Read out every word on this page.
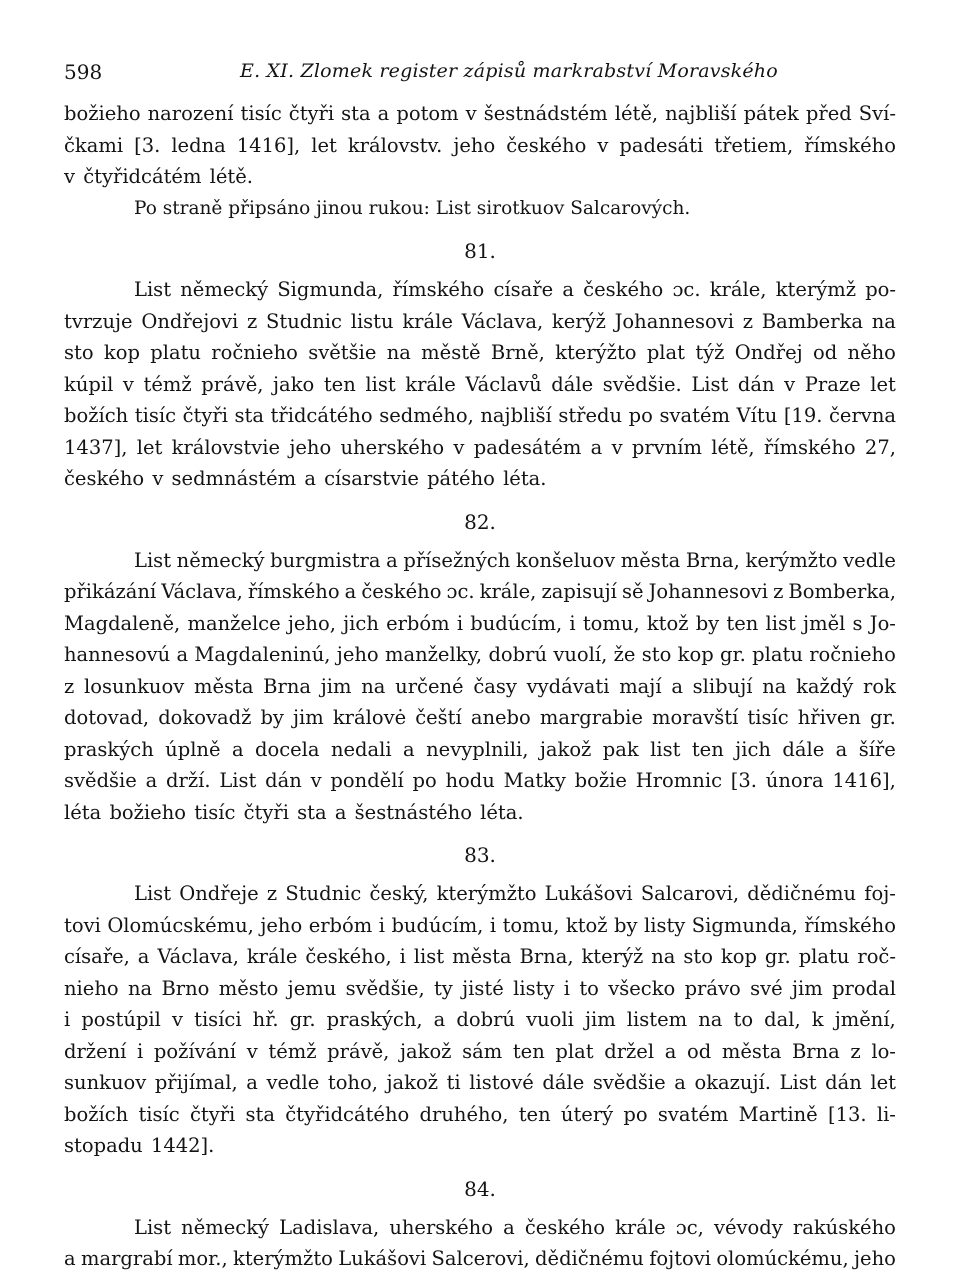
598	E. XI. Zlomek register zápisů markrabství Moravského
božieho narození tisíc čtyři sta a potom v šestnádstém létě, najbliší pátek před Sví-
čkami [3. ledna 1416], let královstv. jeho českého v padesáti třetiem, římského
v čtyřidcátém létě.
Po straně připsáno jinou rukou: List sirotkuov Salcarových.
81.
List německý Sigmunda, římského císaře a českého ɔc. krále, kterýmž po-
tvrzuje Ondřejovi z Studnic listu krále Václava, kerýž Johannesovi z Bamberka na
sto kop platu ročnieho světšie na městě Brně, kterýžto plat týž Ondřej od něho
kúpil v témž právě, jako ten list krále Václavů dále svědšie. List dán v Praze let
božích tisíc čtyři sta třidcátého sedmého, najbliší středu po svatém Vítu [19. června
1437], let královstvie jeho uherského v padesátém a v prvním létě, římského 27,
českého v sedmnástém a císarstvie pátého léta.
82.
List německý burgmistra a přísežných konšeluov města Brna, kerýmžto vedle
přikázání Václava, římského a českého ɔc. krále, zapisují sě Johannesovi z Bomberka,
Magdaleně, manželce jeho, jich erbóm i budúcím, i tomu, ktož by ten list jměl s Jo-
hannesovú a Magdaleninú, jeho manželky, dobrú vuolí, že sto kop gr. platu ročnieho
z losunkuov města Brna jim na určené časy vydávati mají a slibují na každý rok
dotovad, dokovadž by jim královė čeští anebo margrabie moravští tisíc hřiven gr.
praských úplně a docela nedali a nevyplnili, jakož pak list ten jich dále a šíře
svědšie a drží. List dán v pondělí po hodu Matky božie Hromnic [3. února 1416],
léta božieho tisíc čtyři sta a šestnástého léta.
83.
List Ondřeje z Studnic český, kterýmžto Lukášovi Salcarovi, dědičnému foj-
tovi Olomúcskému, jeho erbóm i budúcím, i tomu, ktož by listy Sigmunda, římského
císaře, a Václava, krále českého, i list města Brna, kterýž na sto kop gr. platu roč-
nieho na Brno město jemu svědšie, ty jisté listy i to všecko právo své jim prodal
i postúpil v tisíci hř. gr. praských, a dobrú vuoli jim listem na to dal, k jmění,
držení i požívání v témž právě, jakož sám ten plat držel a od města Brna z lo-
sunkuov přijímal, a vedle toho, jakož ti listové dále svědšie a okazují. List dán let
božích tisíc čtyři sta čtyřidcátého druhého, ten úterý po svatém Martině [13. li-
stopadu 1442].
84.
List německý Ladislava, uherského a českého krále ɔc, vévody rakúského
a margrabí mor., kterýmžto Lukášovi Salcerovi, dědičnému fojtovi olomúckému, jeho
